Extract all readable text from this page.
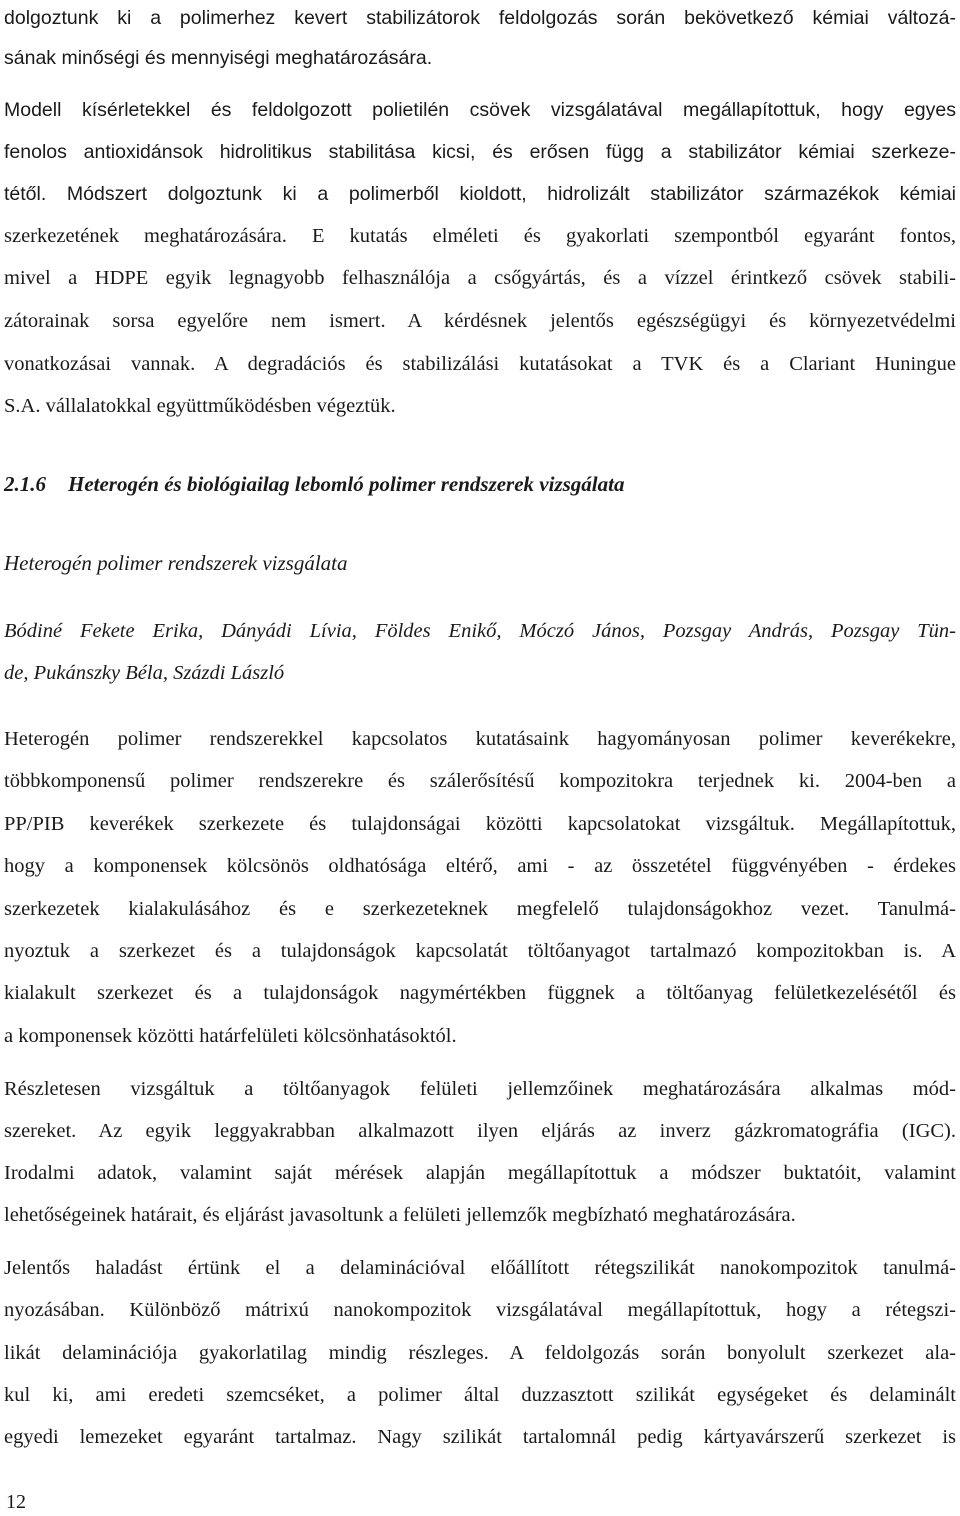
dolgoztunk ki a polimerhez kevert stabilizátorok feldolgozás során bekövetkező kémiai változá-
sának minőségi és mennyiségi meghatározására.
Modell kísérletekkel és feldolgozott polietilén csövek vizsgálatával megállapítottuk, hogy egyes
fenolos antioxidánsok hidrolitikus stabilitása kicsi, és erősen függ a stabilizátor kémiai szerkeze-
tétől. Módszert dolgoztunk ki a polimerből kioldott, hidrolizált stabilizátor származékok kémiai
szerkezetének meghatározására. E kutatás elméleti és gyakorlati szempontból egyaránt fontos,
mivel a HDPE egyik legnagyobb felhasználója a csőgyártás, és a vízzel érintkező csövek stabili-
zátorainak sorsa egyelőre nem ismert. A kérdésnek jelentős egészségügyi és környezetvédelmi
vonatkozásai vannak. A degradációs és stabilizálási kutatásokat a TVK és a Clariant Huningue
S.A. vállalatokkal együttműködésben végeztük.
2.1.6 Heterogén és biológiailag lebomló polimer rendszerek vizsgálata
Heterogén polimer rendszerek vizsgálata
Bódiné Fekete Erika, Dányádi Lívia, Földes Enikő, Móczó János, Pozsgay András, Pozsgay Tün-
de, Pukánszky Béla, Százdi László
Heterogén polimer rendszerekkel kapcsolatos kutatásaink hagyományosan polimer keverékekre,
többkomponensű polimer rendszerekre és szálerősítésű kompozitokra terjednek ki. 2004-ben a
PP/PIB keverékek szerkezete és tulajdonságai közötti kapcsolatokat vizsgáltuk. Megállapítottuk,
hogy a komponensek kölcsönös oldhatósága eltérő, ami - az összetétel függvényében - érdekes
szerkezetek kialakulásához és e szerkezeteknek megfelelő tulajdonságokhoz vezet. Tanulmá-
nyoztuk a szerkezet és a tulajdonságok kapcsolatát töltőanyagot tartalmazó kompozitokban is. A
kialakult szerkezet és a tulajdonságok nagymértékben függnek a töltőanyag felületkezelésétől és
a komponensek közötti határfelületi kölcsönhatásoktól.
Részletesen vizsgáltuk a töltőanyagok felületi jellemzőinek meghatározására alkalmas mód-
szereket. Az egyik leggyakrabban alkalmazott ilyen eljárás az inverz gázkromatográfia (IGC).
Irodalmi adatok, valamint saját mérések alapján megállapítottuk a módszer buktatóit, valamint
lehetőségeinek határait, és eljárást javasoltunk a felületi jellemzők megbízható meghatározására.
Jelentős haladást értünk el a delaminációval előállított rétegszilikát nanokompozitok tanulmá-
nyozásában. Különböző mátrixú nanokompozitok vizsgálatával megállapítottuk, hogy a rétegszi-
likát delaminációja gyakorlatilag mindig részleges. A feldolgozás során bonyolult szerkezet ala-
kul ki, ami eredeti szemcséket, a polimer által duzzasztott szilikát egységeket és delaminált
egyedi lemezeket egyaránt tartalmaz. Nagy szilikát tartalomnál pedig kártyavárszerű szerkezet is
12
